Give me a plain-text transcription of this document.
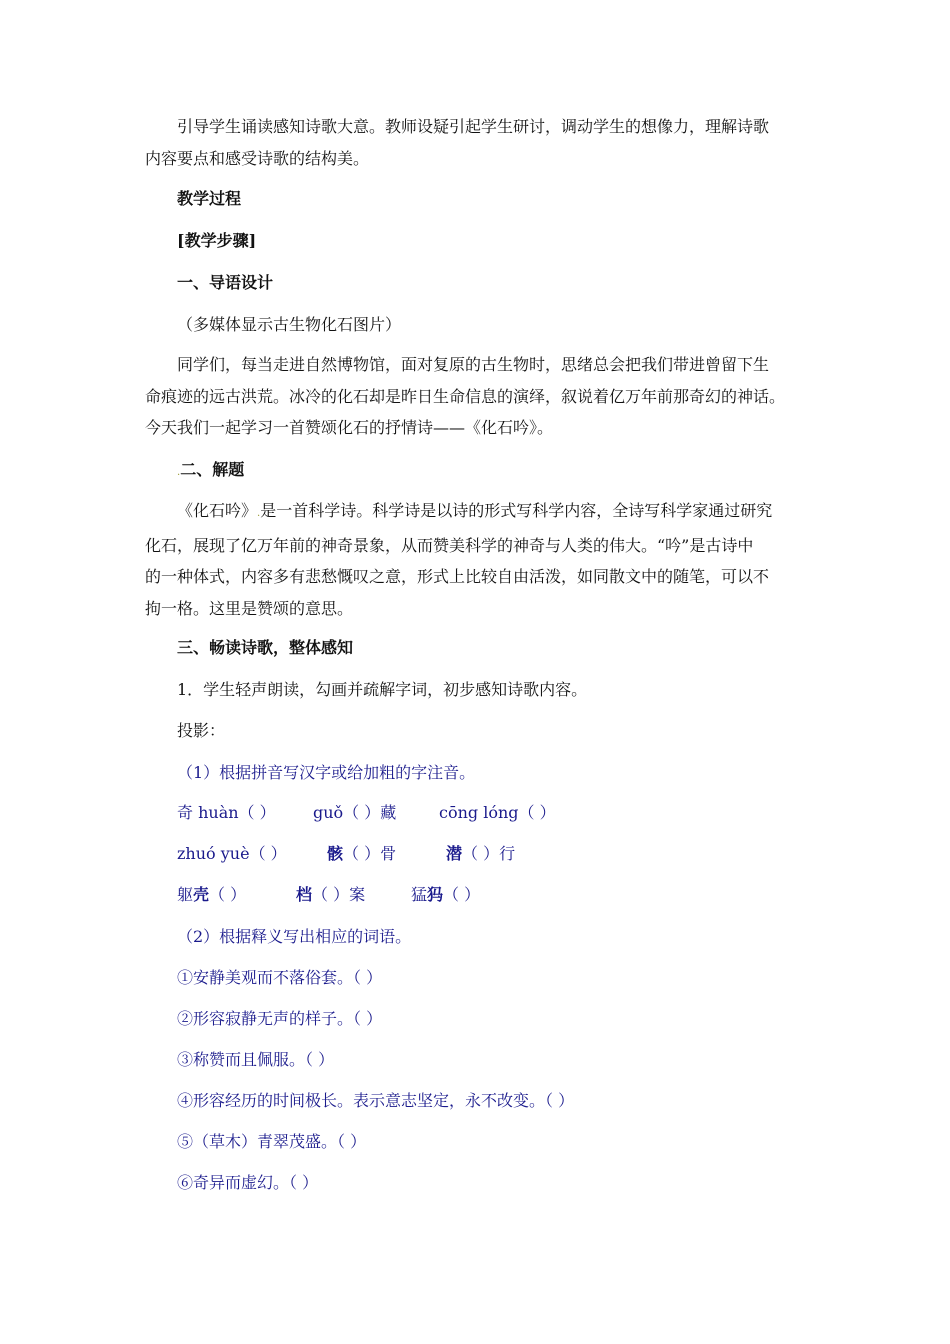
引导学生诵读感知诗歌大意。教师设疑引起学生研讨，调动学生的想像力，理解诗歌
内容要点和感受诗歌的结构美。
教学过程
[教学步骤]
一、导语设计
（多媒体显示古生物化石图片）
同学们，每当走进自然博物馆，面对复原的古生物时，思绪总会把我们带进曾留下生
命痕迹的远古洪荒。冰冷的化石却是昨日生命信息的演绎，叙说着亿万年前那奇幻的神话。
今天我们一起学习一首赞颂化石的抒情诗——《化石吟》。
.二、解题
《化石吟》.是一首科学诗。科学诗是以诗的形式写科学内容，全诗写科学家通过研究
化石，展现了亿万年前的神奇景象，从而赞美科学的神奇与人类的伟大。“吟”是古诗中
的一种体式，内容多有悲愁慨叹之意，形式上比较自由活泼，如同散文中的随笔，可以不
拘一格。这里是赞颂的意思。
三、畅读诗歌，整体感知
1．学生轻声朗读，勾画并疏解字词，初步感知诗歌内容。
投影：
（1）根据拼音写汉字或给加粗的字注音。
奇 huàn（ ） guǒ（ ）藏	cōng lóng（ ）
zhuó yuè（ ）	骸（ ）骨	潜（ ）行
躯壳（ ）	档（ ）案	猛犸（ ）
（2）根据释义写出相应的词语。
①安静美观而不落俗套。（ ）
②形容寂静无声的样子。（ ）
③称赞而且佩服。（ ）
④形容经历的时间极长。表示意志坚定，永不改变。（ ）
⑤（草木）青翠茂盛。（ ）
⑥奇异而虚幻。（ ）
